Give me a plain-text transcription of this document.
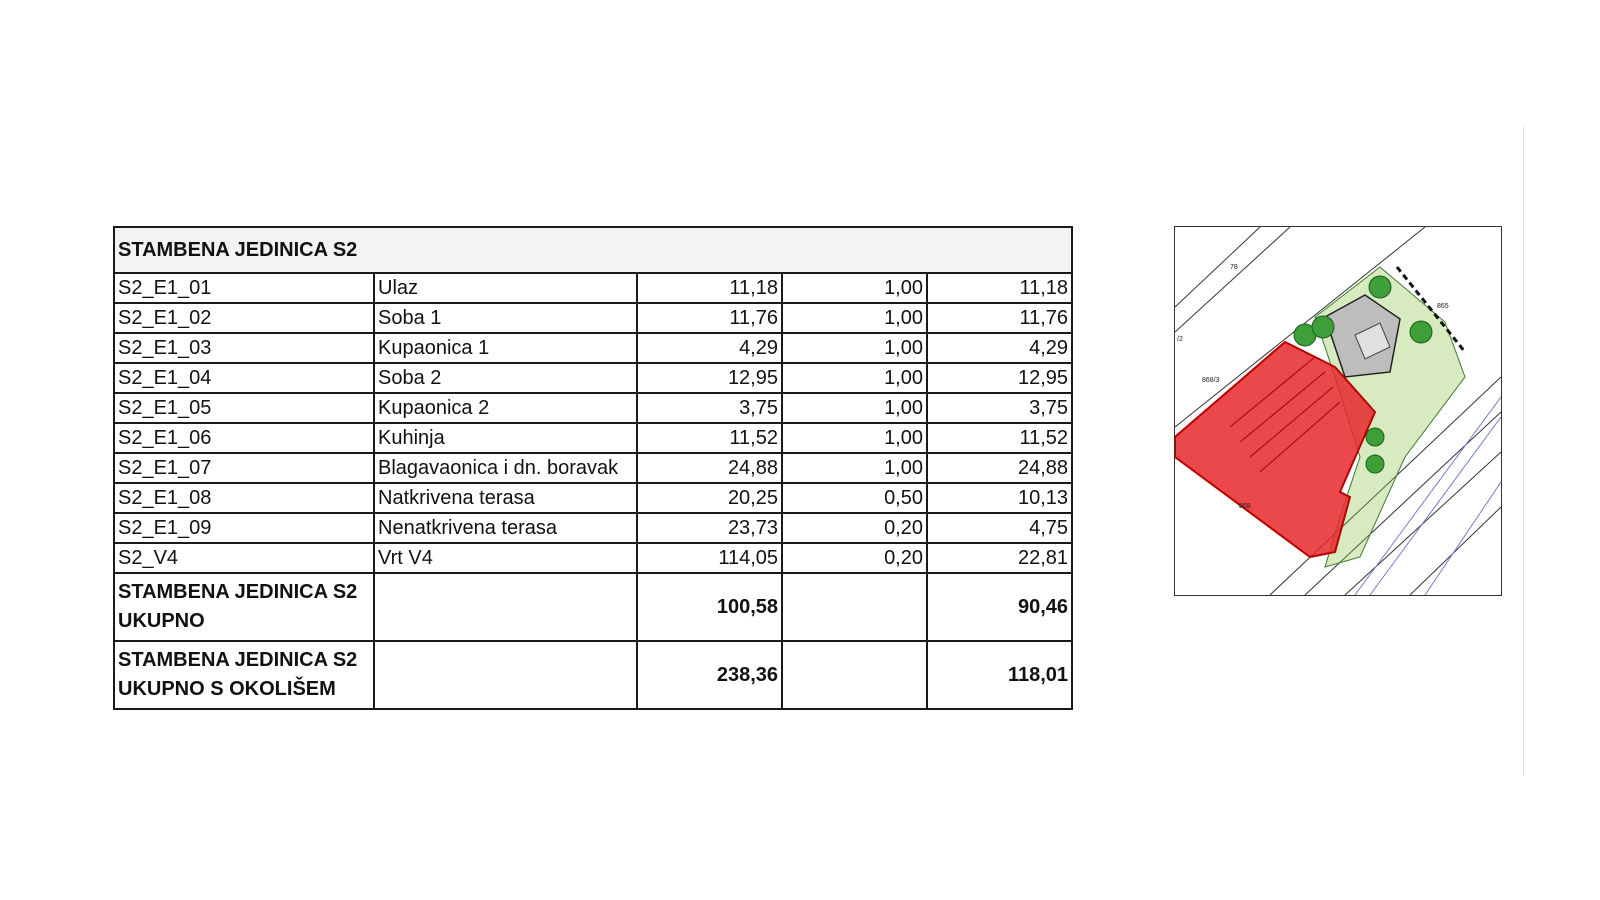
STAMBENA JEDINICA S2				
S2_E1_01	Ulaz	11,18	1,00	11,18
S2_E1_02	Soba 1	11,76	1,00	11,76
S2_E1_03	Kupaonica 1	4,29	1,00	4,29
S2_E1_04	Soba 2	12,95	1,00	12,95
S2_E1_05	Kupaonica 2	3,75	1,00	3,75
S2_E1_06	Kuhinja	11,52	1,00	11,52
S2_E1_07	Blagavaonica i dn. boravak	24,88	1,00	24,88
S2_E1_08	Natkrivena terasa	20,25	0,50	10,13
S2_E1_09	Nenatkrivena terasa	23,73	0,20	4,75
S2_V4	Vrt V4	114,05	0,20	22,81
STAMBENA JEDINICA S2
UKUPNO		100,58		90,46
STAMBENA JEDINICA S2
UKUPNO S OKOLIŠEM		238,36		118,01
865
868/3
868
/2
78
